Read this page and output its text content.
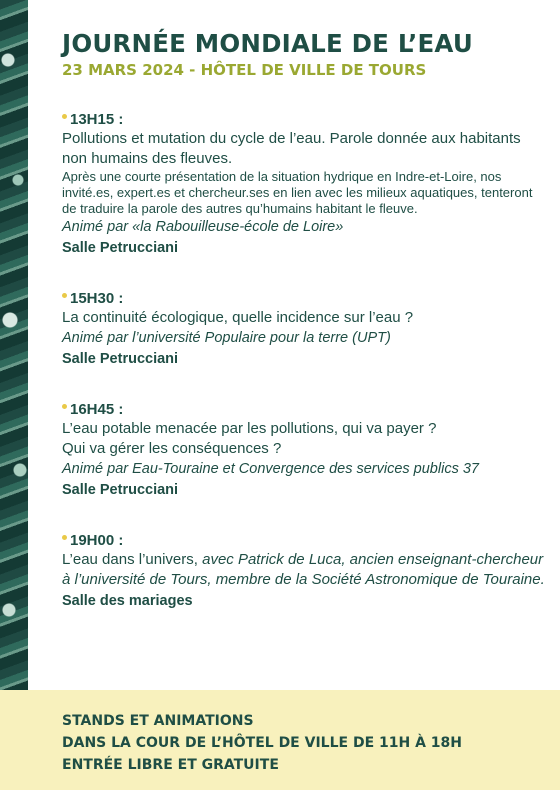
JOURNÉE MONDIALE DE L’EAU
23 MARS 2024 - HÔTEL DE VILLE DE TOURS
13H15 :
Pollutions et mutation du cycle de l’eau. Parole donnée aux habitants non humains des fleuves.
Après une courte présentation de la situation hydrique en Indre-et-Loire, nos invité.es, expert.es et chercheur.ses en lien avec les milieux aquatiques, tenteront de traduire la parole des autres qu’humains habitant le fleuve.
Animé par «la Rabouilleuse-école de Loire»
Salle Petrucciani
15H30 :
La continuité écologique, quelle incidence sur l’eau ?
Animé par l’université Populaire pour la terre (UPT)
Salle Petrucciani
16H45 :
L’eau potable menacée par les pollutions, qui va payer ?
Qui va gérer les conséquences ?
Animé par Eau-Touraine et Convergence des services publics 37
Salle Petrucciani
19H00 :
L’eau dans l’univers, avec Patrick de Luca, ancien enseignant-chercheur à l’université de Tours, membre de la Société Astronomique de Touraine.
Salle des mariages
STANDS ET ANIMATIONS
DANS LA COUR DE L’HÔTEL DE VILLE DE 11H À 18H
ENTRÉE LIBRE ET GRATUITE
